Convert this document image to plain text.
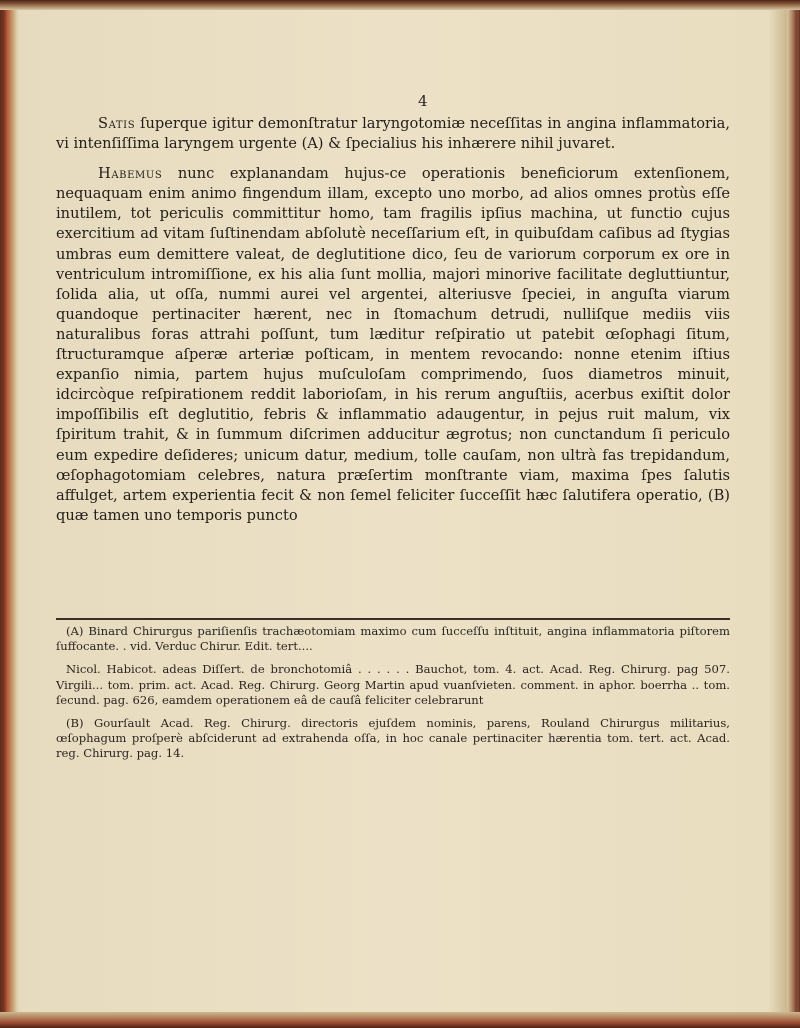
4

Satis ſuperque igitur demonſtratur laryngotomiæ neceſſitas in angina inflammatoria, vi intenſiſſima laryngem urgente (A) & ſpecialius his inhærere nihil juvaret.

Habemus nunc explanandam hujus-ce operationis beneficiorum extenſionem, nequaquam enim animo fingendum illam, excepto uno morbo, ad alios omnes protùs eſſe inutilem, tot periculis committitur homo, tam fragilis ipſius machina, ut functio cujus exercitium ad vitam ſuſtinendam abſolutè neceſſarium eſt, in quibuſdam caſibus ad ſtygias umbras eum demittere valeat, de deglutitione dico, ſeu de variorum corporum ex ore in ventriculum intromiſſione, ex his alia ſunt mollia, majori minorive facilitate degluttiuntur, ſolida alia, ut oſſa, nummi aurei vel argentei, alteriusve ſpeciei, in anguſta viarum quandoque pertinaciter hærent, nec in ſtomachum detrudi, nulliſque mediis viis naturalibus foras attrahi poſſunt, tum læditur reſpiratio ut patebit œſophagi ſitum, ſtructuramque aſperæ arteriæ poſticam, in mentem revocando: nonne etenim iſtius expanſio nimia, partem hujus muſculoſam comprimendo, ſuos diametros minuit, idcircòque reſpirationem reddit laborioſam, in his rerum anguſtiis, acerbus exiſtit dolor impoſſibilis eſt deglutitio, febris & inflammatio adaugentur, in pejus ruit malum, vix ſpiritum trahit, & in ſummum diſcrimen adducitur ægrotus; non cunctandum ſi periculo eum expedire deſideres; unicum datur, medium, tolle cauſam, non ultrà fas trepidandum, œſophagotomiam celebres, natura præſertim monſtrante viam, maxima ſpes ſalutis affulget, artem experientia fecit & non ſemel feliciter ſucceſſit hæc ſalutifera operatio, (B) quæ tamen uno temporis puncto

(A) Binard Chirurgus pariſienſis trachæotomiam maximo cum ſucceſſu inſtituit, angina inflammatoria piſtorem ſuffocante. . vid. Verduc Chirur. Edit. tert....

Nicol. Habicot. adeas Diſſert. de bronchotomiâ . . . . . . Bauchot, tom. 4. act. Acad. Reg. Chirurg. pag 507. Virgili... tom. prim. act. Acad. Reg. Chirurg. Georg Martin apud vuanſvieten. comment. in aphor. boerrha .. tom. ſecund. pag. 626, eamdem operationem eâ de cauſâ feliciter celebrarunt

(B) Gourſault Acad. Reg. Chirurg. directoris ejuſdem nominis, parens, Rouland Chirurgus militarius, œſophagum proſperè abſciderunt ad extrahenda oſſa, in hoc canale pertinaciter hærentia tom. tert. act. Acad. reg. Chirurg. pag. 14.
